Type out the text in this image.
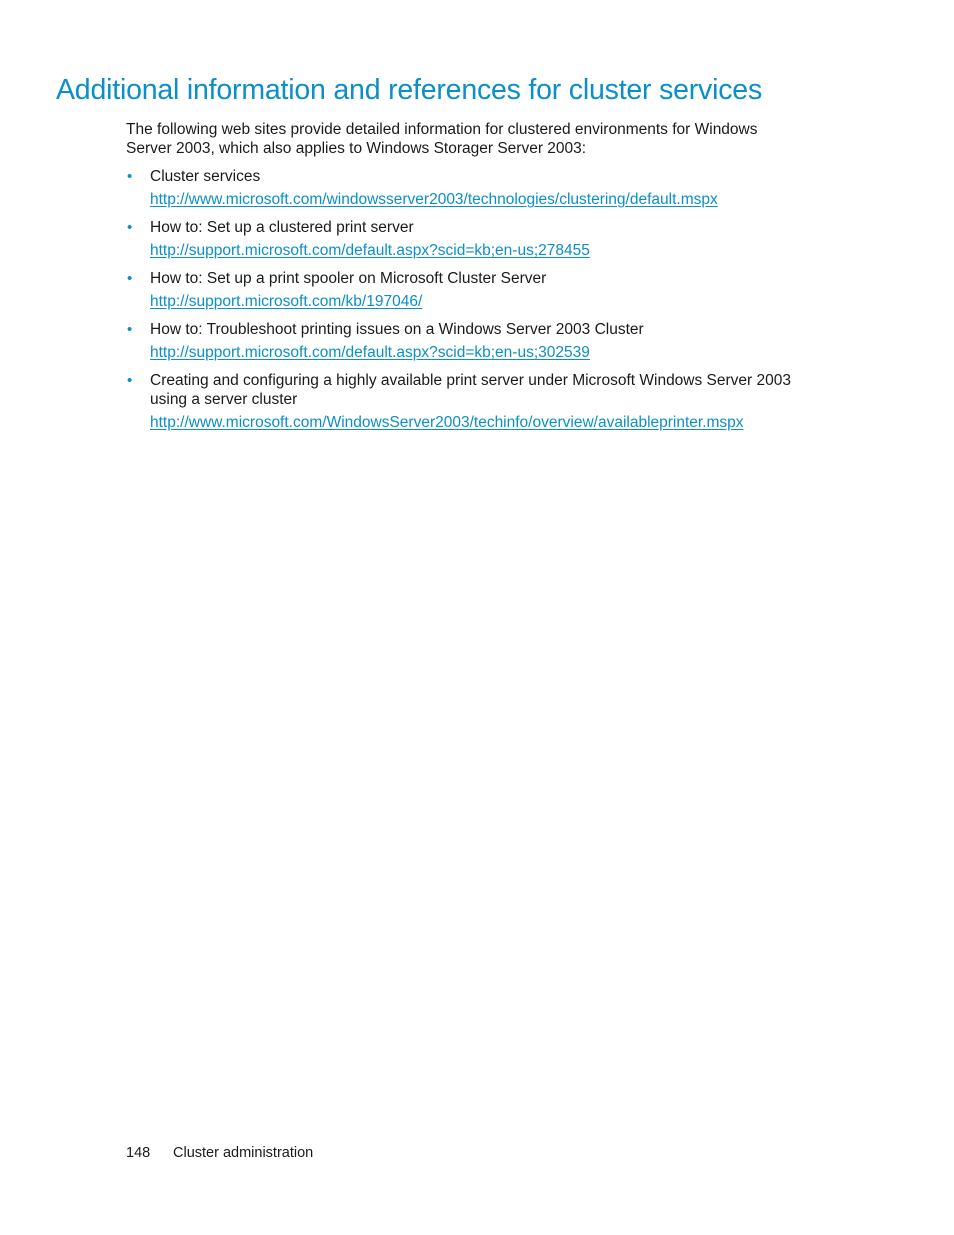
Additional information and references for cluster services

The following web sites provide detailed information for clustered environments for Windows Server 2003, which also applies to Windows Storager Server 2003:

• Cluster services
http://www.microsoft.com/windowsserver2003/technologies/clustering/default.mspx
• How to: Set up a clustered print server
http://support.microsoft.com/default.aspx?scid=kb;en-us;278455
• How to: Set up a print spooler on Microsoft Cluster Server
http://support.microsoft.com/kb/197046/
• How to: Troubleshoot printing issues on a Windows Server 2003 Cluster
http://support.microsoft.com/default.aspx?scid=kb;en-us;302539
• Creating and configuring a highly available print server under Microsoft Windows Server 2003 using a server cluster
http://www.microsoft.com/WindowsServer2003/techinfo/overview/availableprinter.mspx
148 Cluster administration
